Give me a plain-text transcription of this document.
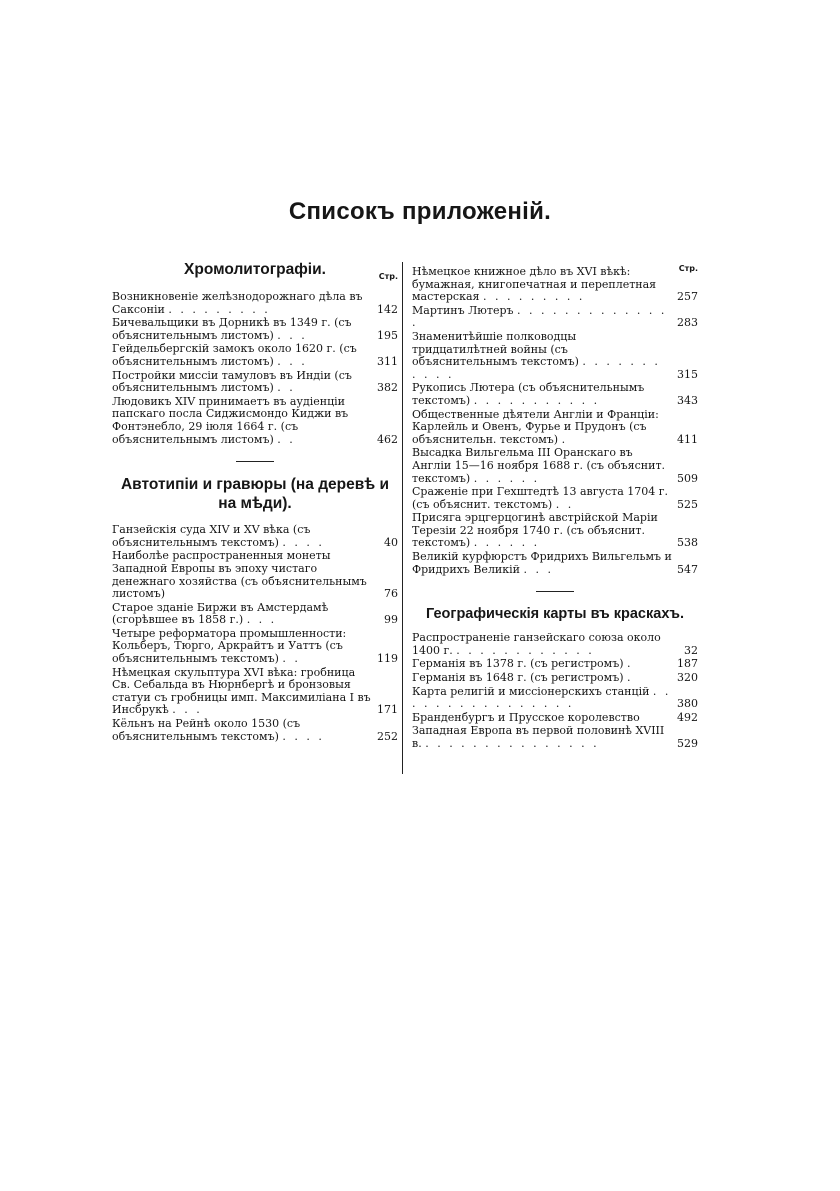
Списокъ приложеній.
Хромолитографіи.	Стр.
Возникновеніе желѣзнодорожнаго дѣла въ Саксоніи . . . . . . . . .	142
Бичевальщики въ Дорникѣ въ 1349 г. (съ объяснительнымъ листомъ) . . .	195
Гейдельбергскій замокъ около 1620 г. (съ объяснительнымъ листомъ) . . .	311
Постройки миссіи тамуловъ въ Индіи (съ объяснительнымъ листомъ) . .	382
Людовикъ XIV принимаетъ въ аудіенціи папскаго посла Сиджисмондо Киджи въ Фонтэнебло, 29 іюля 1664 г. (съ объяснительнымъ листомъ) . .	462
Автотипіи и гравюры (на деревѣ и на мѣди).
Ганзейскія суда XIV и XV вѣка (съ объяснительнымъ текстомъ) . . . .	40
Наиболѣе распространенныя монеты Западной Европы въ эпоху чистаго денежнаго хозяйства (съ объяснительнымъ листомъ)	76
Старое зданіе Биржи въ Амстердамѣ (сгорѣвшее въ 1858 г.) . . .	99
Четыре реформатора промышленности: Кольберъ, Тюрго, Аркрайтъ и Уаттъ (съ объяснительнымъ текстомъ) . .	119
Нѣмецкая скульптура XVI вѣка: гробница Св. Себальда въ Нюрнбергѣ и бронзовыя статуи съ гробницы имп. Максимиліана I въ Инсбрукѣ . . .	171
Кёльнъ на Рейнѣ около 1530 (съ объяснительнымъ текстомъ) . . . .	252
Стр.
Нѣмецкое книжное дѣло въ XVI вѣкѣ: бумажная, книгопечатная и переплетная мастерская . . . . . . . . .	257
Мартинъ Лютеръ . . . . . . . . . . . . . .	283
Знаменитѣйшіе полководцы тридцатилѣтней войны (съ объяснительнымъ текстомъ) . . . . . . . . . . .	315
Рукопись Лютера (съ объяснительнымъ текстомъ) . . . . . . . . . . .	343
Общественные дѣятели Англіи и Франціи: Карлейль и Овенъ, Фурье и Прудонъ (съ объяснительн. текстомъ) .	411
Высадка Вильгельма III Оранскаго въ Англіи 15—16 ноября 1688 г. (съ объяснит. текстомъ) . . . . . .	509
Сраженіе при Гехштедтѣ 13 августа 1704 г. (съ объяснит. текстомъ) . .	525
Присяга эрцгерцогинѣ австрійской Маріи Терезіи 22 ноября 1740 г. (съ объяснит. текстомъ) . . . . . .	538
Великій курфюрстъ Фридрихъ Вильгельмъ и Фридрихъ Великій . . .	547
Географическія карты въ краскахъ.
Распространеніе ганзейскаго союза около 1400 г. . . . . . . . . . . . .	32
Германія въ 1378 г. (съ регистромъ) .	187
Германія въ 1648 г. (съ регистромъ) .	320
Карта религій и миссіонерскихъ станцій . . . . . . . . . . . . . . . .	380
Бранденбургъ и Прусское королевство	492
Западная Европа въ первой половинѣ XVIII в. . . . . . . . . . . . . . . .	529
